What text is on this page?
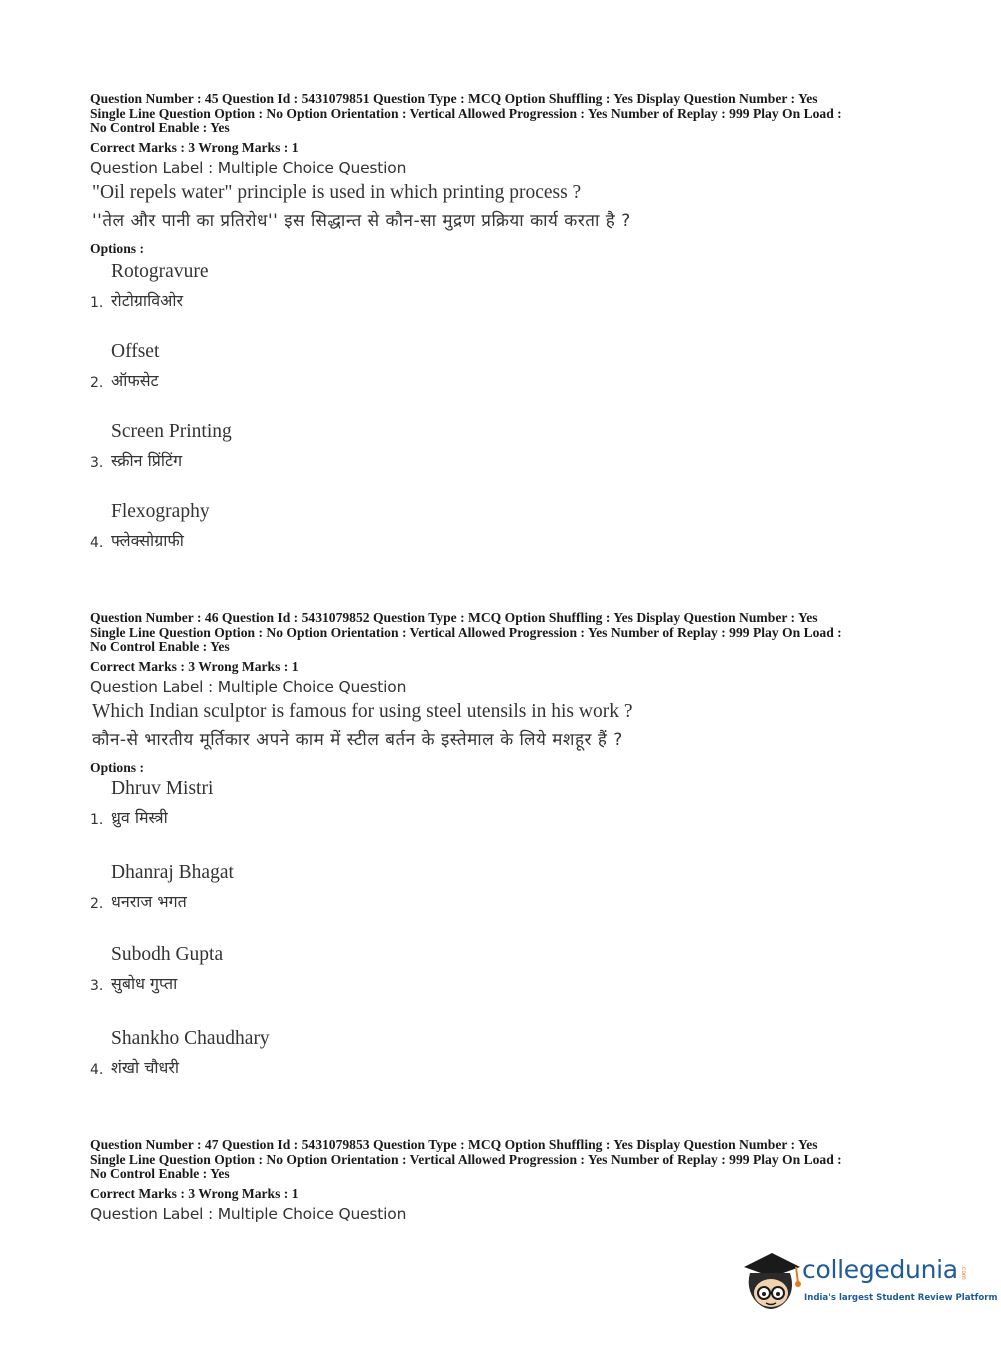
Question Number : 45 Question Id : 5431079851 Question Type : MCQ Option Shuffling : Yes Display Question Number : Yes
Single Line Question Option : No Option Orientation : Vertical Allowed Progression : Yes Number of Replay : 999 Play On Load :
No Control Enable : Yes
Correct Marks : 3 Wrong Marks : 1
Question Label : Multiple Choice Question
"Oil repels water" principle is used in which printing process ?
''तेल और पानी का प्रतिरोध'' इस सिद्धान्त से कौन-सा मुद्रण प्रक्रिया कार्य करता है ?
Options :
Rotogravure
1. रोटोग्राविओर
Offset
2. ऑफसेट
Screen Printing
3. स्क्रीन प्रिंटिंग
Flexography
4. फ्लेक्सोग्राफी
Question Number : 46 Question Id : 5431079852 Question Type : MCQ Option Shuffling : Yes Display Question Number : Yes
Single Line Question Option : No Option Orientation : Vertical Allowed Progression : Yes Number of Replay : 999 Play On Load :
No Control Enable : Yes
Correct Marks : 3 Wrong Marks : 1
Question Label : Multiple Choice Question
Which Indian sculptor is famous for using steel utensils in his work ?
कौन-से भारतीय मूर्तिकार अपने काम में स्टील बर्तन के इस्तेमाल के लिये मशहूर हैं ?
Options :
Dhruv Mistri
1. ध्रुव मिस्त्री
Dhanraj Bhagat
2. धनराज भगत
Subodh Gupta
3. सुबोध गुप्ता
Shankho Chaudhary
4. शंखो चौधरी
Question Number : 47 Question Id : 5431079853 Question Type : MCQ Option Shuffling : Yes Display Question Number : Yes
Single Line Question Option : No Option Orientation : Vertical Allowed Progression : Yes Number of Replay : 999 Play On Load :
No Control Enable : Yes
Correct Marks : 3 Wrong Marks : 1
Question Label : Multiple Choice Question
collegedunia .com
India's largest Student Review Platform
